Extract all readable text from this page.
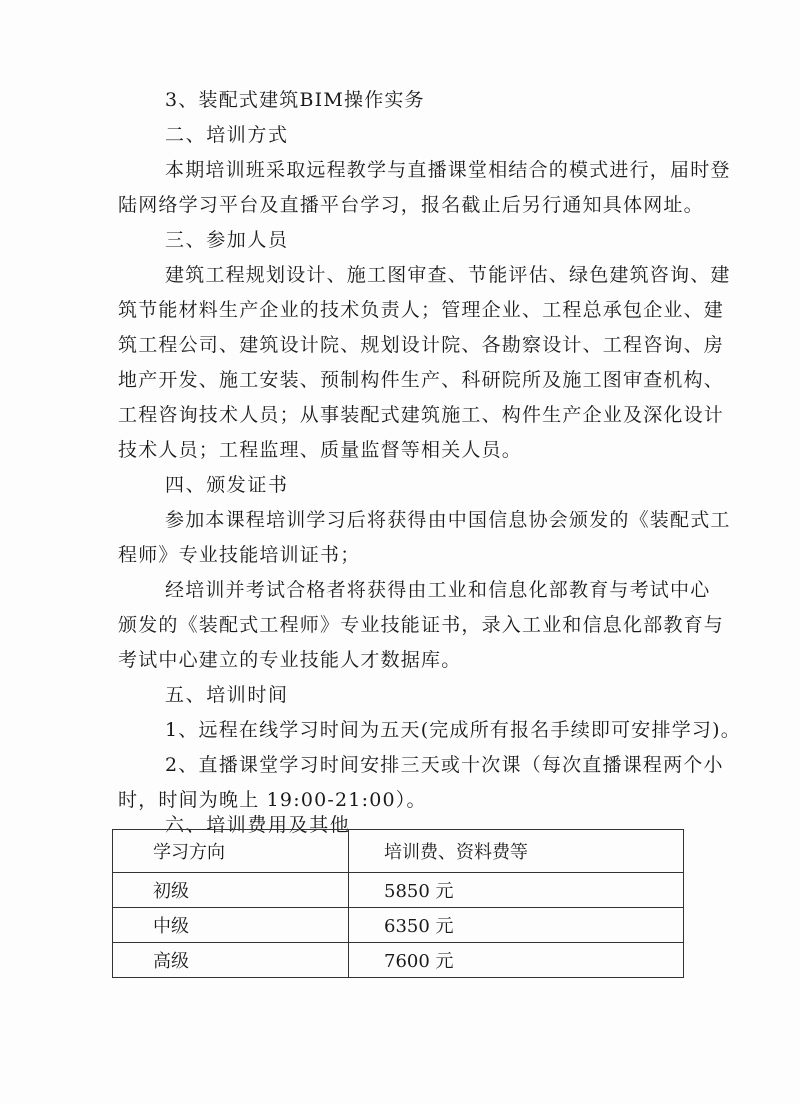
3、装配式建筑BIM操作实务
二、培训方式
本期培训班采取远程教学与直播课堂相结合的模式进行，届时登
陆网络学习平台及直播平台学习，报名截止后另行通知具体网址。
三、参加人员
建筑工程规划设计、施工图审查、节能评估、绿色建筑咨询、建
筑节能材料生产企业的技术负责人；管理企业、工程总承包企业、建
筑工程公司、建筑设计院、规划设计院、各勘察设计、工程咨询、房
地产开发、施工安装、预制构件生产、科研院所及施工图审查机构、
工程咨询技术人员；从事装配式建筑施工、构件生产企业及深化设计
技术人员；工程监理、质量监督等相关人员。
四、颁发证书
参加本课程培训学习后将获得由中国信息协会颁发的《装配式工
程师》专业技能培训证书；
经培训并考试合格者将获得由工业和信息化部教育与考试中心
颁发的《装配式工程师》专业技能证书，录入工业和信息化部教育与
考试中心建立的专业技能人才数据库。
五、培训时间
1、远程在线学习时间为五天(完成所有报名手续即可安排学习)。
2、直播课堂学习时间安排三天或十次课（每次直播课程两个小
时，时间为晚上 19:00-21:00）。
六、培训费用及其他
学习方向	培训费、资料费等
初级	5850 元
中级	6350 元
高级	7600 元
